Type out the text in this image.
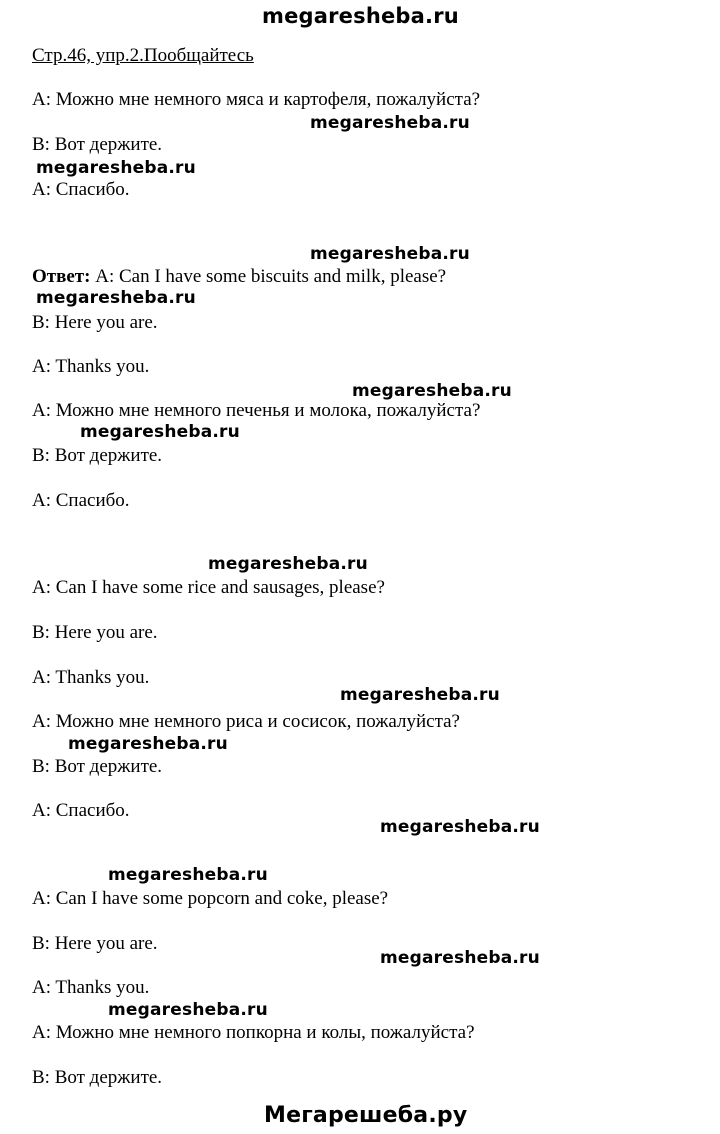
megaresheba.ru
Стр.46, упр.2.Пообщайтесь
A: Можно мне немного мяса и картофеля, пожалуйста?
megaresheba.ru
B: Вот держите.
megaresheba.ru
A: Спасибо.
megaresheba.ru
Ответ: A: Can I have some biscuits and milk, please?
megaresheba.ru
B: Here you are.
A: Thanks you.
megaresheba.ru
A: Можно мне немного печенья и молока, пожалуйста?
megaresheba.ru
B: Вот держите.
A: Спасибо.
megaresheba.ru
A: Can I have some rice and sausages, please?
B: Here you are.
A: Thanks you.
megaresheba.ru
A: Можно мне немного риса и сосисок, пожалуйста?
megaresheba.ru
B: Вот держите.
A: Спасибо.
megaresheba.ru
megaresheba.ru
A: Can I have some popcorn and coke, please?
B: Here you are.
megaresheba.ru
A: Thanks you.
megaresheba.ru
A: Можно мне немного попкорна и колы, пожалуйста?
B: Вот держите.
Мегарешеба.ру
